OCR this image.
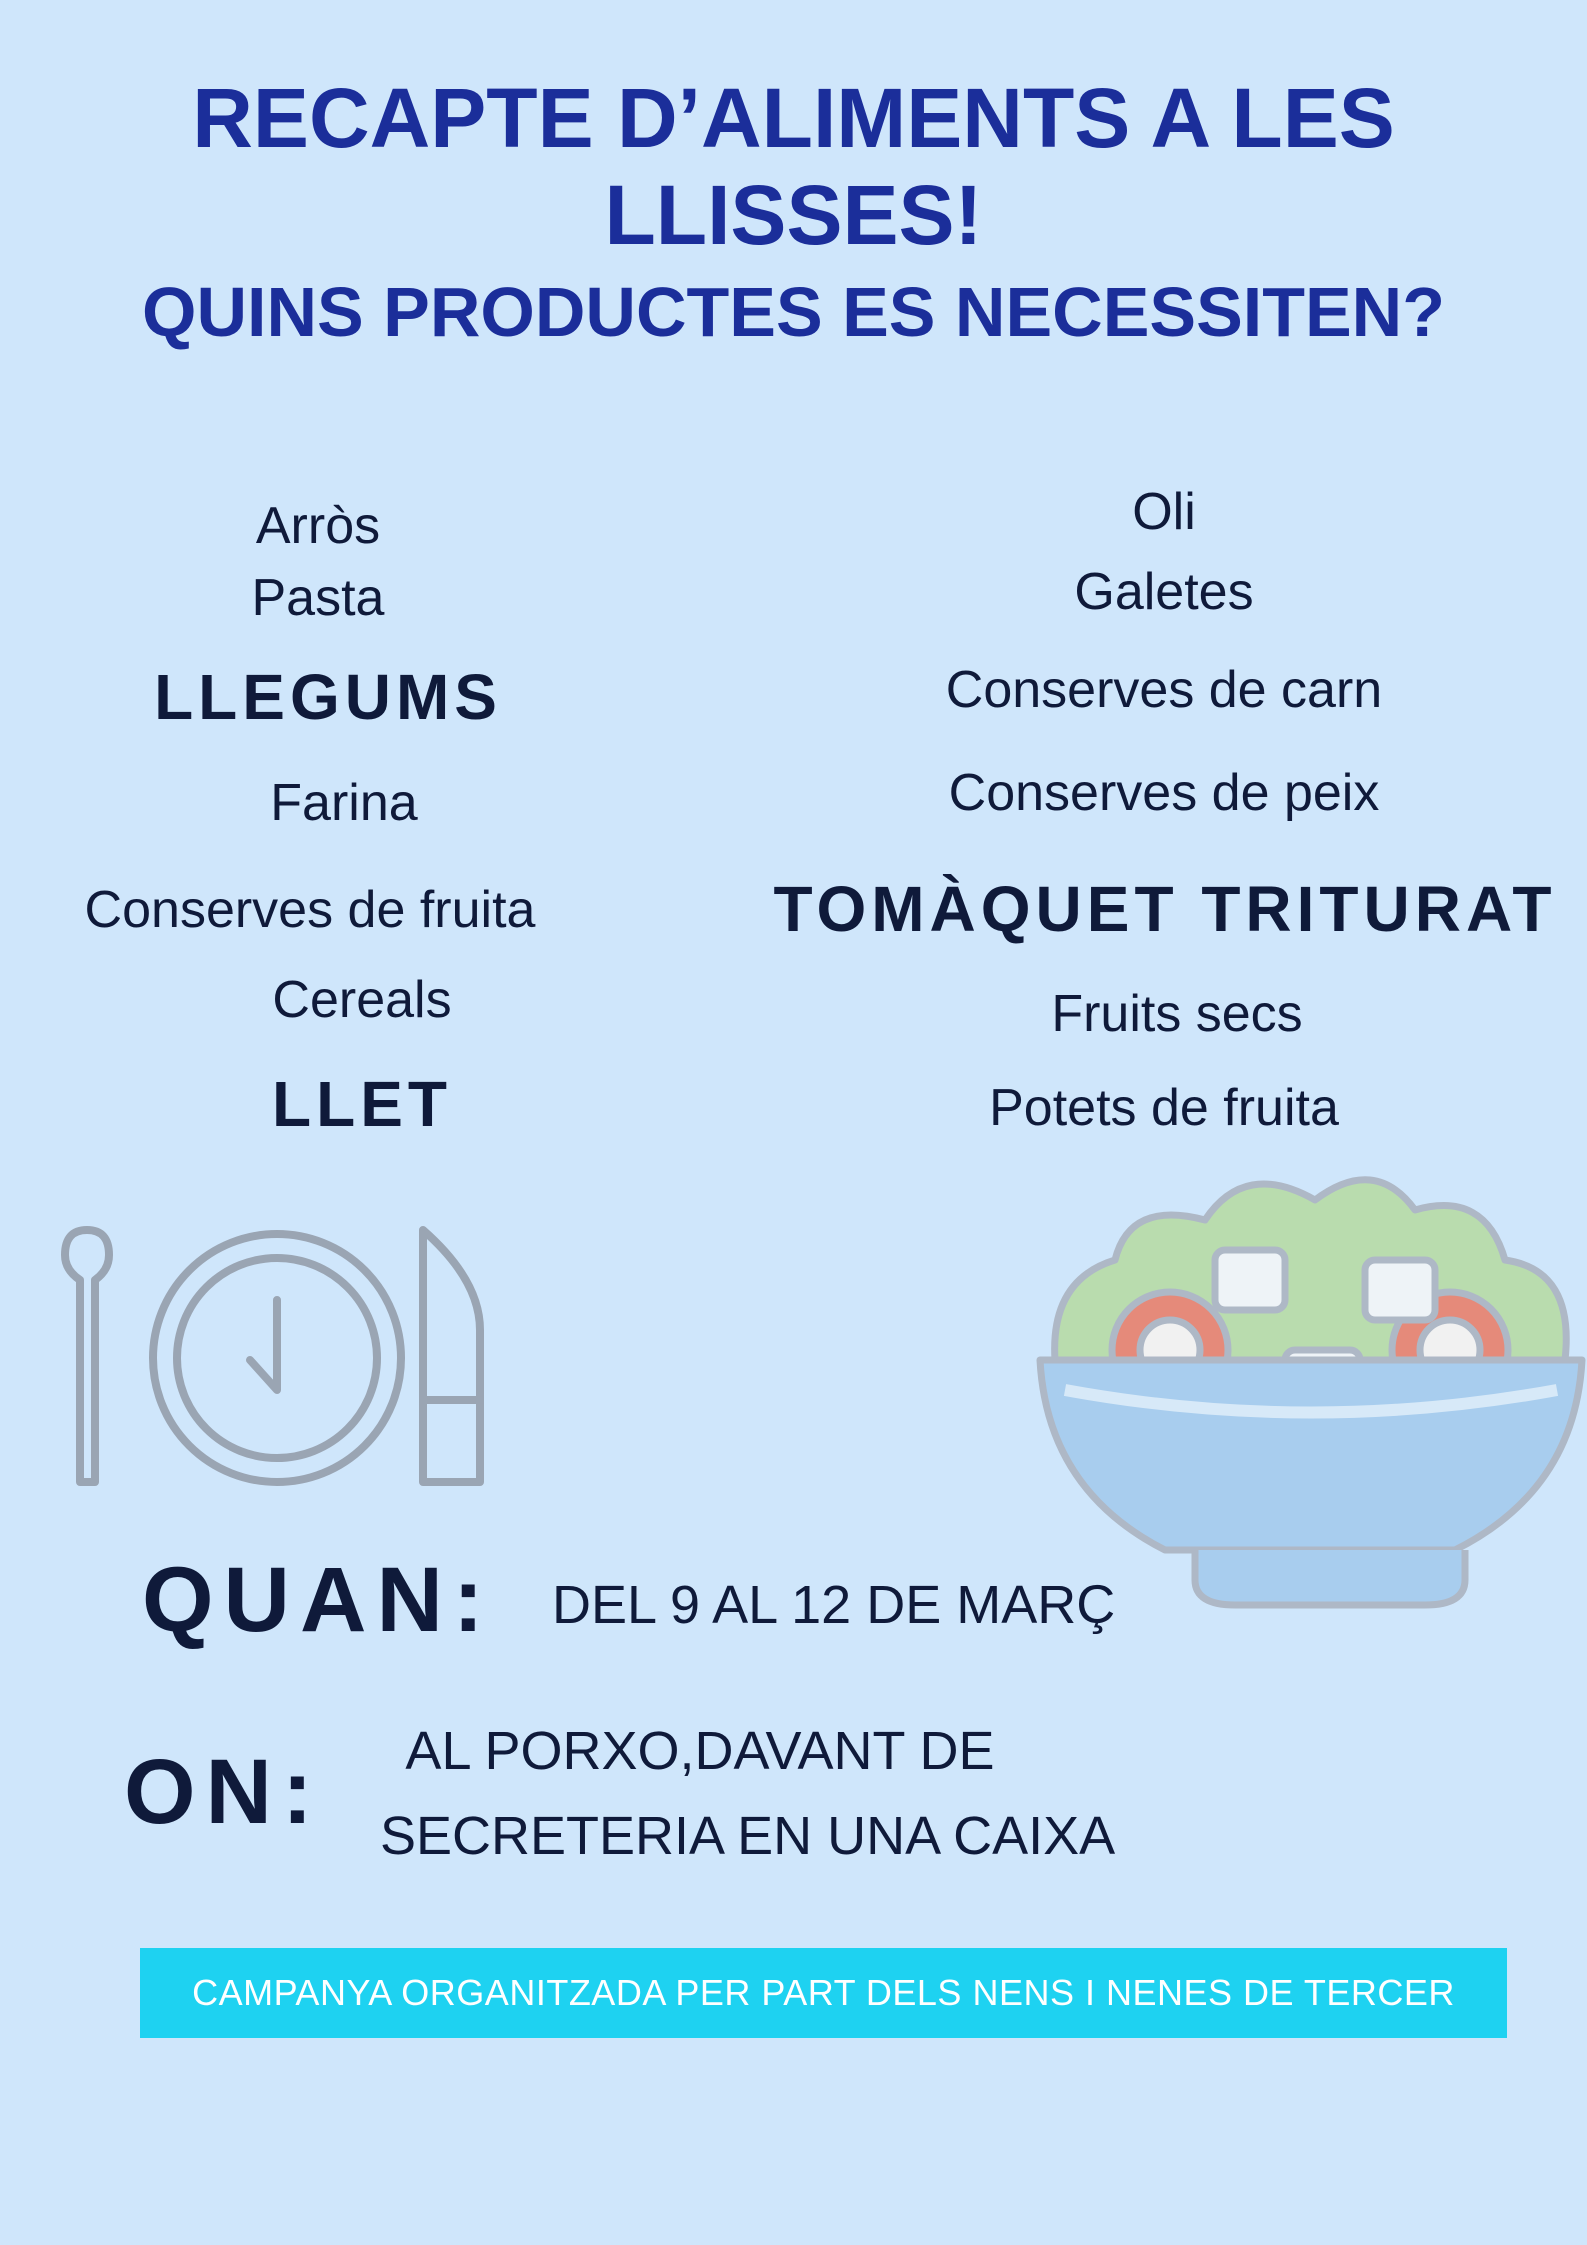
RECAPTE D’ALIMENTS A LES LLISSES!
QUINS PRODUCTES ES NECESSITEN?
Arròs
Pasta
LLEGUMS
Farina
Conserves de fruita
Cereals
LLET
Oli
Galetes
Conserves de carn
Conserves de peix
TOMÀQUET TRITURAT
Fruits secs
Potets de fruita
QUAN: DEL 9 AL 12 DE MARÇ
ON:	AL PORXO,DAVANT DE
SECRETERIA EN UNA CAIXA
CAMPANYA ORGANITZADA PER PART DELS NENS I NENES DE TERCER
